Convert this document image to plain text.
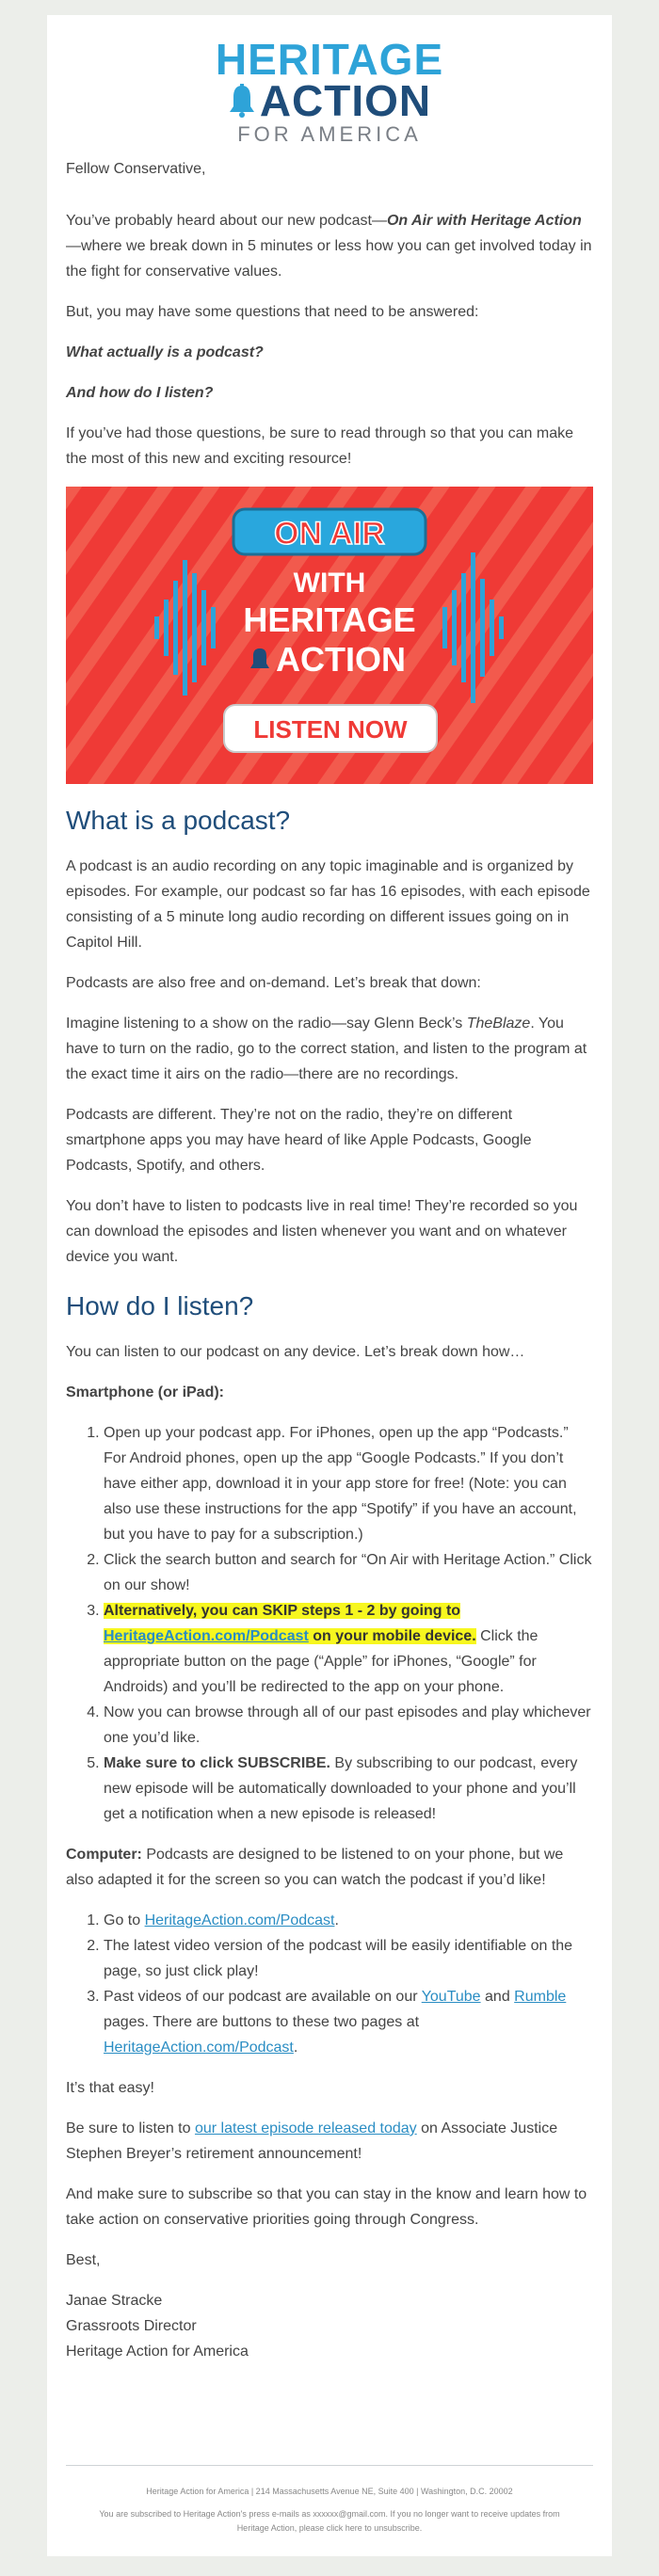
HERITAGE
ACTION
FOR AMERICA

Fellow Conservative,

You’ve probably heard about our new podcast—On Air with Heritage Action—where we break down in 5 minutes or less how you can get involved today in the fight for conservative values.

But, you may have some questions that need to be answered:

What actually is a podcast?

And how do I listen?

If you’ve had those questions, be sure to read through so that you can make the most of this new and exciting resource!

ON AIR
WITH
HERITAGE
ACTION
LISTEN NOW
What is a podcast?

A podcast is an audio recording on any topic imaginable and is organized by episodes. For example, our podcast so far has 16 episodes, with each episode consisting of a 5 minute long audio recording on different issues going on in Capitol Hill.

Podcasts are also free and on-demand. Let’s break that down:

Imagine listening to a show on the radio—say Glenn Beck’s TheBlaze. You have to turn on the radio, go to the correct station, and listen to the program at the exact time it airs on the radio—there are no recordings.

Podcasts are different. They’re not on the radio, they’re on different smartphone apps you may have heard of like Apple Podcasts, Google Podcasts, Spotify, and others.

You don’t have to listen to podcasts live in real time! They’re recorded so you can download the episodes and listen whenever you want and on whatever device you want.

How do I listen?

You can listen to our podcast on any device. Let’s break down how…

Smartphone (or iPad):

1. Open up your podcast app. For iPhones, open up the app “Podcasts.” For Android phones, open up the app “Google Podcasts.” If you don’t have either app, download it in your app store for free! (Note: you can also use these instructions for the app “Spotify” if you have an account, but you have to pay for a subscription.)
2. Click the search button and search for “On Air with Heritage Action.” Click on our show!
3. Alternatively, you can SKIP steps 1 - 2 by going to HeritageAction.com/Podcast on your mobile device. Click the appropriate button on the page (“Apple” for iPhones, “Google” for Androids) and you’ll be redirected to the app on your phone.
4. Now you can browse through all of our past episodes and play whichever one you’d like.
5. Make sure to click SUBSCRIBE. By subscribing to our podcast, every new episode will be automatically downloaded to your phone and you’ll get a notification when a new episode is released!

Computer: Podcasts are designed to be listened to on your phone, but we also adapted it for the screen so you can watch the podcast if you’d like!

1. Go to HeritageAction.com/Podcast.
2. The latest video version of the podcast will be easily identifiable on the page, so just click play!
3. Past videos of our podcast are available on our YouTube and Rumble pages. There are buttons to these two pages at HeritageAction.com/Podcast.

It’s that easy!

Be sure to listen to our latest episode released today on Associate Justice Stephen Breyer’s retirement announcement!

And make sure to subscribe so that you can stay in the know and learn how to take action on conservative priorities going through Congress.

Best,

Janae Stracke
Grassroots Director
Heritage Action for America
Heritage Action for America | 214 Massachusetts Avenue NE, Suite 400 | Washington, D.C. 20002
You are subscribed to Heritage Action's press e-mails as xxxxxx@gmail.com. If you no longer want to receive updates from Heritage Action, please click here to unsubscribe.
